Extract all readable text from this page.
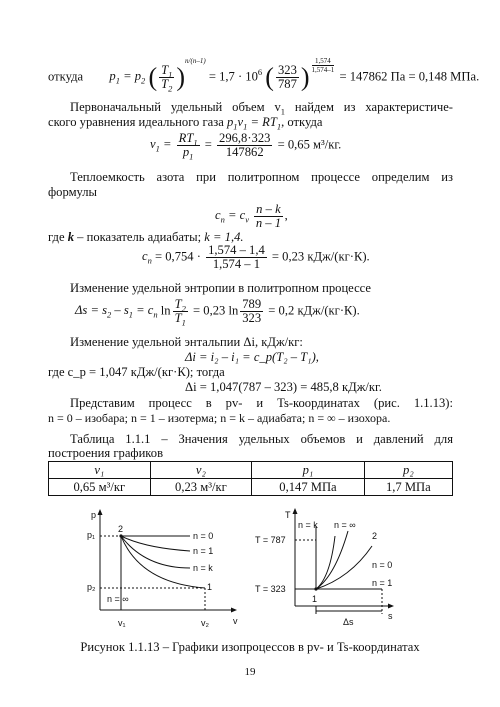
откуда $p_1 = p_2$ ( $\frac{T_1}{T_2} )^{n/(n-1)} = 1,7 \cdot 10^6$ ( $\frac{323}{787}$ ) $\frac{1,574}{1,574-1}$
= 147862 Па = 0,148 МПа.
Первоначальный удельный объем $v_1$ найдем из характеристиче-
ского уравнения идеального газа $p_1v_1 = RT_1$, откуда
$v_1 = \frac{RT_1}{p_1} = \frac{296,8\cdot 323}{147862} = 0,65$ м³/кг.
Теплоемкость азота при политропном процессе определим из
формулы
$c_n = c_v \frac{n - k}{n - 1}$ ,
где k – показатель адиабаты; k = 1,4.
$c_n = 0,754 \cdot \frac{1,574 - 1,4}{1,574 - 1} = 0,23$ кДж/(кг·К).
Изменение удельной энтропии в политропном процессе
$\Delta s = s_2 - s_1 = c_n$ $\ln \frac{T_2}{T_1} = 0,23$ $\ln \frac{789}{323} = 0,2$ кДж/(кг·К).
Изменение удельной энтальпии Δi, кДж/кг:
Δi = i₂ – i₁ = c_p(T₂ – T₁),
где c_p = 1,047 кДж/(кг·К); тогда
Δi = 1,047(787 – 323) = 485,8 кДж/кг.
Представим процесс в pv- и Ts-координатах (рис. 1.1.13):
n = 0 – изобара; n = 1 – изотерма; n = k – адиабата; n = ∞ – изохора.
Таблица 1.1.1 – Значения удельных объемов и давлений для
построения графиков
v₁	v₂	p₁	p₂
0,65 м³/кг	0,23 м³/кг	0,147 МПа	1,7 МПа
p
v
p₁
p₂
v₁	v₂
2
1
n = 0
n = 1
n = k
n = ∞
T
s
T = 787
T = 323
n = k n = ∞
2
n = 0
n = 1
1
Δs
Рисунок 1.1.13 – Графики изопроцессов в pv- и Ts-координатах
19
